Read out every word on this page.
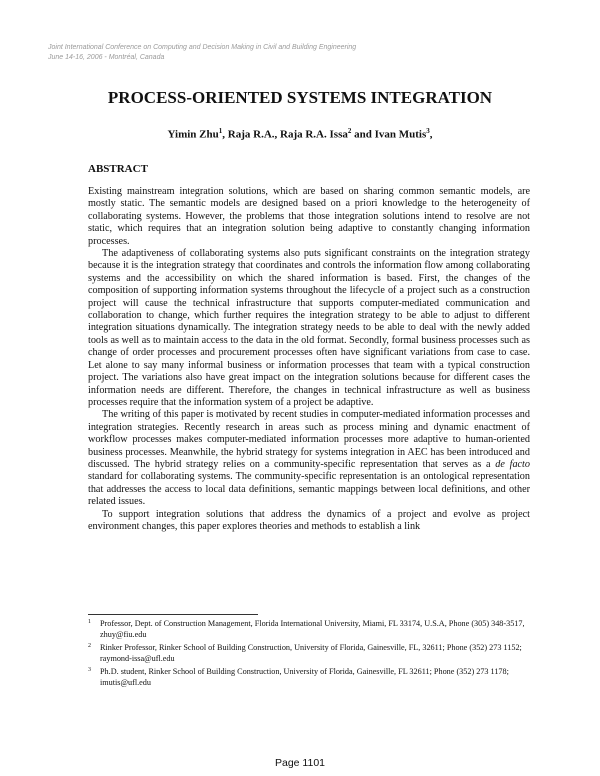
Joint International Conference on Computing and Decision Making in Civil and Building Engineering
June 14-16, 2006 - Montréal, Canada
PROCESS-ORIENTED SYSTEMS INTEGRATION
Yimin Zhu$^1$, Raja R.A., Raja R.A. Issa$^2$ and Ivan Mutis$^3$,
ABSTRACT

Existing mainstream integration solutions, which are based on sharing common semantic models, are mostly static. The semantic models are designed based on a priori knowledge to the heterogeneity of collaborating systems. However, the problems that those integration solutions intend to resolve are not static, which requires that an integration solution being adaptive to constantly changing information processes.

The adaptiveness of collaborating systems also puts significant constraints on the integration strategy because it is the integration strategy that coordinates and controls the information flow among collaborating systems and the accessibility on which the shared information is based. First, the changes of the composition of supporting information systems throughout the lifecycle of a project such as a construction project will cause the technical infrastructure that supports computer-mediated communication and collaboration to change, which further requires the integration strategy to be able to adjust to different integration situations dynamically. The integration strategy needs to be able to deal with the newly added tools as well as to maintain access to the data in the old format. Secondly, formal business processes such as change of order processes and procurement processes often have significant variations from case to case. Let alone to say many informal business or information processes that team with a typical construction project. The variations also have great impact on the integration solutions because for different cases the information needs are different. Therefore, the changes in technical infrastructure as well as business processes require that the information system of a project be adaptive.

The writing of this paper is motivated by recent studies in computer-mediated information processes and integration strategies. Recently research in areas such as process mining and dynamic enactment of workflow processes makes computer-mediated information processes more adaptive to human-oriented business processes. Meanwhile, the hybrid strategy for systems integration in AEC has been introduced and discussed. The hybrid strategy relies on a community-specific representation that serves as a de facto standard for collaborating systems. The community-specific representation is an ontological representation that addresses the access to local data definitions, semantic mappings between local definitions, and other related issues.

To support integration solutions that address the dynamics of a project and evolve as project environment changes, this paper explores theories and methods to establish a link

1 Professor, Dept. of Construction Management, Florida International University, Miami, FL 33174, U.S.A, Phone (305) 348-3517, zhuy@fiu.edu
2 Rinker Professor, Rinker School of Building Construction, University of Florida, Gainesville, FL, 32611; Phone (352) 273 1152; raymond-issa@ufl.edu
3 Ph.D. student, Rinker School of Building Construction, University of Florida, Gainesville, FL 32611; Phone (352) 273 1178; imutis@ufl.edu
Page 1101
